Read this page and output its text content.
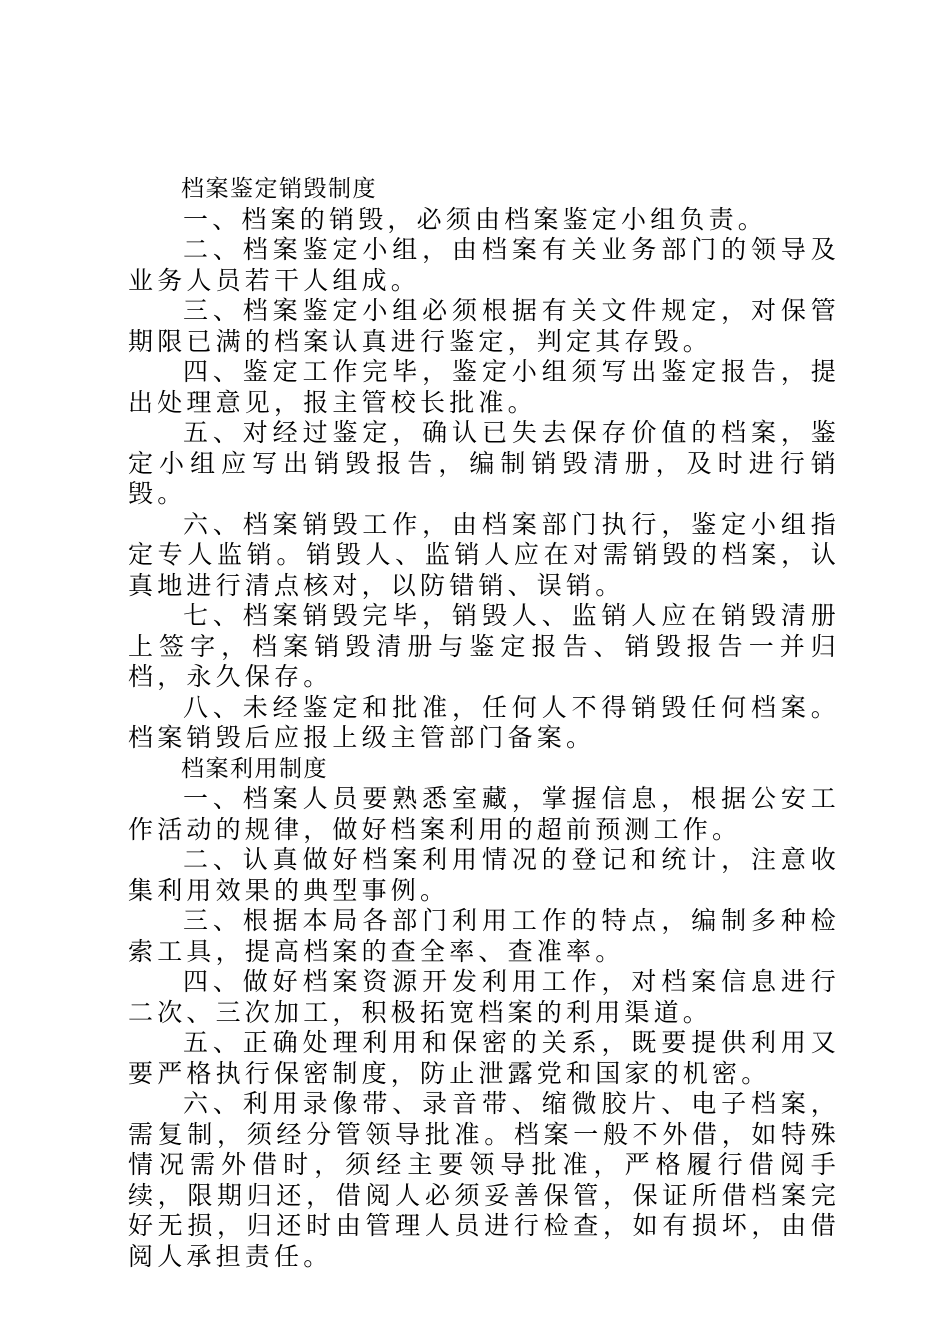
档案鉴定销毁制度

一、档案的销毁，必须由档案鉴定小组负责。

二、档案鉴定小组，由档案有关业务部门的领导及业务人员若干人组成。

三、档案鉴定小组必须根据有关文件规定，对保管期限已满的档案认真进行鉴定，判定其存毁。

四、鉴定工作完毕，鉴定小组须写出鉴定报告，提出处理意见，报主管校长批准。

五、对经过鉴定，确认已失去保存价值的档案，鉴定小组应写出销毁报告，编制销毁清册，及时进行销毁。

六、档案销毁工作，由档案部门执行，鉴定小组指定专人监销。销毁人、监销人应在对需销毁的档案，认真地进行清点核对，以防错销、误销。

七、档案销毁完毕，销毁人、监销人应在销毁清册上签字，档案销毁清册与鉴定报告、销毁报告一并归档，永久保存。

八、未经鉴定和批准，任何人不得销毁任何档案。档案销毁后应报上级主管部门备案。

档案利用制度

一、档案人员要熟悉室藏，掌握信息，根据公安工作活动的规律，做好档案利用的超前预测工作。

二、认真做好档案利用情况的登记和统计，注意收集利用效果的典型事例。

三、根据本局各部门利用工作的特点，编制多种检索工具，提高档案的查全率、查准率。

四、做好档案资源开发利用工作，对档案信息进行二次、三次加工，积极拓宽档案的利用渠道。

五、正确处理利用和保密的关系，既要提供利用又要严格执行保密制度，防止泄露党和国家的机密。

六、利用录像带、录音带、缩微胶片、电子档案，需复制，须经分管领导批准。档案一般不外借，如特殊情况需外借时，须经主要领导批准，严格履行借阅手续，限期归还，借阅人必须妥善保管，保证所借档案完好无损，归还时由管理人员进行检查，如有损坏，由借阅人承担责任。
